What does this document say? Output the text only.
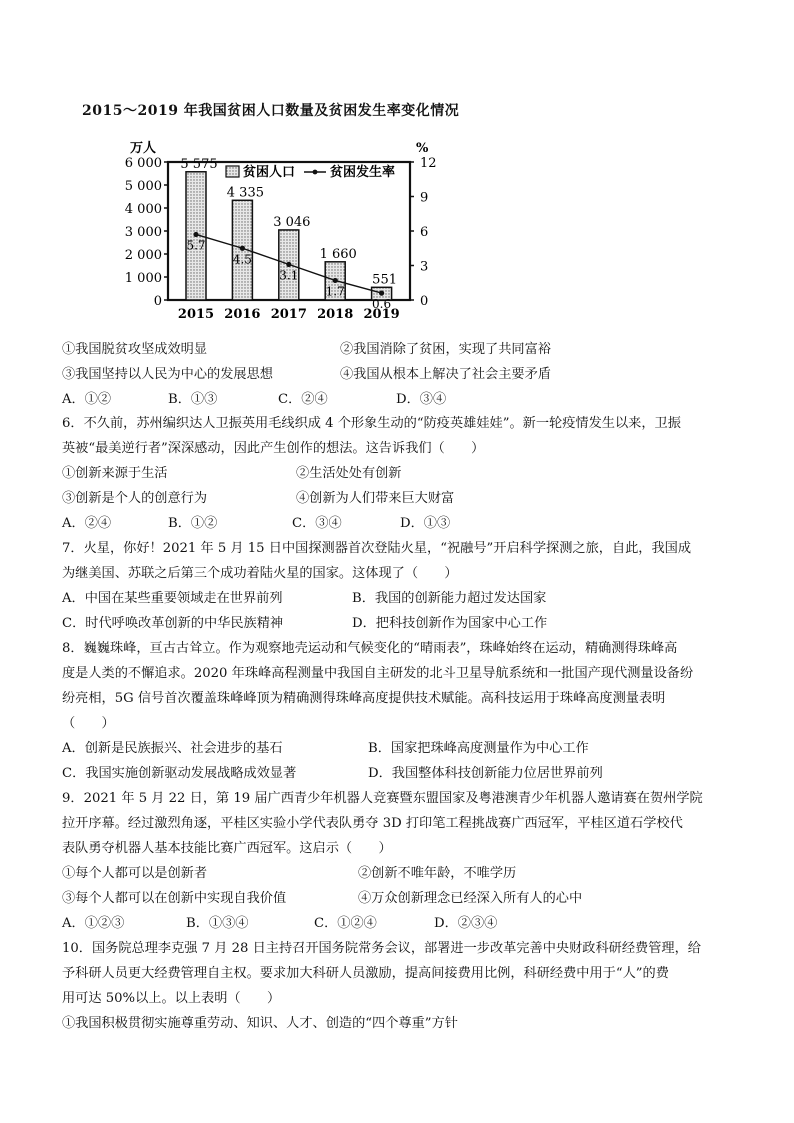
2015～2019 年我国贫困人口数量及贫困发生率变化情况
万人
0
1 000
2 000
3 000
4 000
5 000
6 000
%
0
3
6
9
12
5 575
2015
4 335
2016
3 046
2017
1 660
2018
551
2019
5.7
4.5
3.1
1.7
0.6
贫困人口	贫困发生率
①我国脱贫攻坚成效明显	②我国消除了贫困，实现了共同富裕
③我国坚持以人民为中心的发展思想	④我国从根本上解决了社会主要矛盾
A．①②	B．①③	C．②④	D．③④
6．不久前，苏州编织达人卫振英用毛线织成 4 个形象生动的“防疫英雄娃娃”。新一轮疫情发生以来，卫振
英被“最美逆行者”深深感动，因此产生创作的想法。这告诉我们（　　）
①创新来源于生活	②生活处处有创新
③创新是个人的创意行为	④创新为人们带来巨大财富
A．②④	B．①②	C．③④	D．①③
7．火星，你好！2021 年 5 月 15 日中国探测器首次登陆火星，“祝融号”开启科学探测之旅，自此，我国成
为继美国、苏联之后第三个成功着陆火星的国家。这体现了（　　）
A．中国在某些重要领域走在世界前列	B．我国的创新能力超过发达国家
C．时代呼唤改革创新的中华民族精神	D．把科技创新作为国家中心工作
8．巍巍珠峰，亘古古耸立。作为观察地壳运动和气候变化的“晴雨表”，珠峰始终在运动，精确测得珠峰高
度是人类的不懈追求。2020 年珠峰高程测量中我国自主研发的北斗卫星导航系统和一批国产现代测量设备纷
纷亮相，5G 信号首次覆盖珠峰峰顶为精确测得珠峰高度提供技术赋能。高科技运用于珠峰高度测量表明
（　　）
A．创新是民族振兴、社会进步的基石	B．国家把珠峰高度测量作为中心工作
C．我国实施创新驱动发展战略成效显著	D．我国整体科技创新能力位居世界前列
9．2021 年 5 月 22 日，第 19 届广西青少年机器人竞赛暨东盟国家及粤港澳青少年机器人邀请赛在贺州学院
拉开序幕。经过激烈角逐，平桂区实验小学代表队勇夺 3D 打印笔工程挑战赛广西冠军，平桂区道石学校代
表队勇夺机器人基本技能比赛广西冠军。这启示（　　）
①每个人都可以是创新者	②创新不唯年龄，不唯学历
③每个人都可以在创新中实现自我价值	④万众创新理念已经深入所有人的心中
A．①②③	B．①③④	C．①②④	D．②③④
10．国务院总理李克强 7 月 28 日主持召开国务院常务会议，部署进一步改革完善中央财政科研经费管理，给
予科研人员更大经费管理自主权。要求加大科研人员激励，提高间接费用比例，科研经费中用于“人”的费
用可达 50%以上。以上表明（　　）
①我国积极贯彻实施尊重劳动、知识、人才、创造的“四个尊重”方针
